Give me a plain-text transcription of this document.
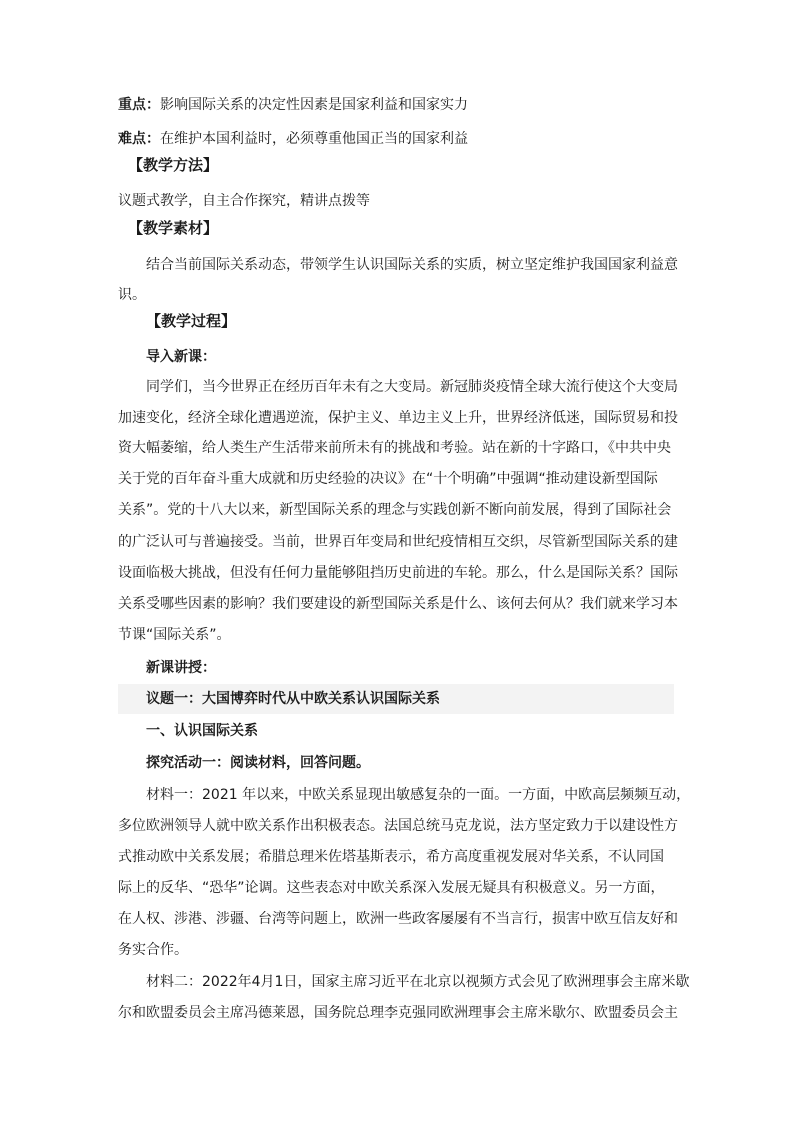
重点：影响国际关系的决定性因素是国家利益和国家实力
难点：在维护本国利益时，必须尊重他国正当的国家利益
【教学方法】
议题式教学，自主合作探究，精讲点拨等
【教学素材】
结合当前国际关系动态，带领学生认识国际关系的实质，树立坚定维护我国国家利益意
识。
【教学过程】
导入新课：
同学们，当今世界正在经历百年未有之大变局。新冠肺炎疫情全球大流行使这个大变局
加速变化，经济全球化遭遇逆流，保护主义、单边主义上升，世界经济低迷，国际贸易和投
资大幅萎缩，给人类生产生活带来前所未有的挑战和考验。站在新的十字路口，《中共中央
关于党的百年奋斗重大成就和历史经验的决议》在“十个明确”中强调“推动建设新型国际
关系”。党的十八大以来，新型国际关系的理念与实践创新不断向前发展，得到了国际社会
的广泛认可与普遍接受。当前，世界百年变局和世纪疫情相互交织，尽管新型国际关系的建
设面临极大挑战，但没有任何力量能够阻挡历史前进的车轮。那么，什么是国际关系？国际
关系受哪些因素的影响？我们要建设的新型国际关系是什么、该何去何从？我们就来学习本
节课“国际关系”。
新课讲授：
议题一：大国博弈时代从中欧关系认识国际关系
一、认识国际关系
探究活动一：阅读材料，回答问题。
材料一：2021 年以来，中欧关系显现出敏感复杂的一面。一方面，中欧高层频频互动，
多位欧洲领导人就中欧关系作出积极表态。法国总统马克龙说，法方坚定致力于以建设性方
式推动欧中关系发展；希腊总理米佐塔基斯表示，希方高度重视发展对华关系，不认同国
际上的反华、“恐华”论调。这些表态对中欧关系深入发展无疑具有积极意义。另一方面，
在人权、涉港、涉疆、台湾等问题上，欧洲一些政客屡屡有不当言行，损害中欧互信友好和
务实合作。
材料二：2022年4月1日，国家主席习近平在北京以视频方式会见了欧洲理事会主席米歇
尔和欧盟委员会主席冯德莱恩，国务院总理李克强同欧洲理事会主席米歇尔、欧盟委员会主
